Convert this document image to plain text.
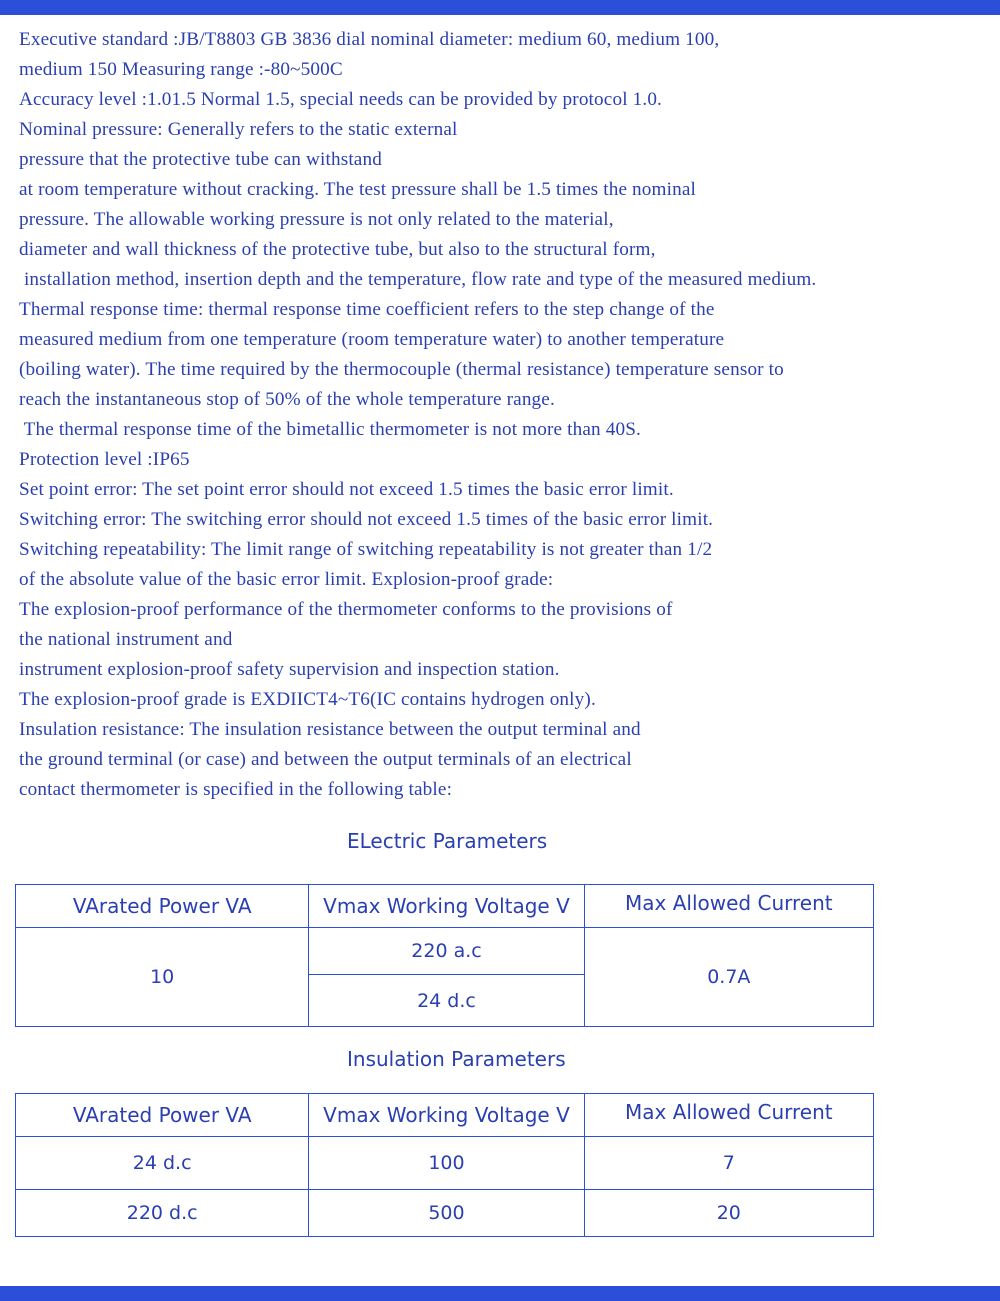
Executive standard :JB/T8803 GB 3836 dial nominal diameter: medium 60, medium 100,
medium 150 Measuring range :-80~500C
Accuracy level :1.01.5 Normal 1.5, special needs can be provided by protocol 1.0.
Nominal pressure: Generally refers to the static external
pressure that the protective tube can withstand
at room temperature without cracking. The test pressure shall be 1.5 times the nominal
pressure. The allowable working pressure is not only related to the material,
diameter and wall thickness of the protective tube, but also to the structural form,
installation method, insertion depth and the temperature, flow rate and type of the measured medium.
Thermal response time: thermal response time coefficient refers to the step change of the
measured medium from one temperature (room temperature water) to another temperature
(boiling water). The time required by the thermocouple (thermal resistance) temperature sensor to
reach the instantaneous stop of 50% of the whole temperature range.
The thermal response time of the bimetallic thermometer is not more than 40S.
Protection level :IP65
Set point error: The set point error should not exceed 1.5 times the basic error limit.
Switching error: The switching error should not exceed 1.5 times of the basic error limit.
Switching repeatability: The limit range of switching repeatability is not greater than 1/2
of the absolute value of the basic error limit. Explosion-proof grade:
The explosion-proof performance of the thermometer conforms to the provisions of
the national instrument and
instrument explosion-proof safety supervision and inspection station.
The explosion-proof grade is EXDIICT4~T6(IC contains hydrogen only).
Insulation resistance: The insulation resistance between the output terminal and
the ground terminal (or case) and between the output terminals of an electrical
contact thermometer is specified in the following table:
ELectric Parameters
VArated Power VA	Vmax Working Voltage V	Max Allowed Current
10	220 a.c	0.7A
	24 d.c	
Insulation Parameters
VArated Power VA	Vmax Working Voltage V	Max Allowed Current
24 d.c	100	7
220 d.c	500	20
